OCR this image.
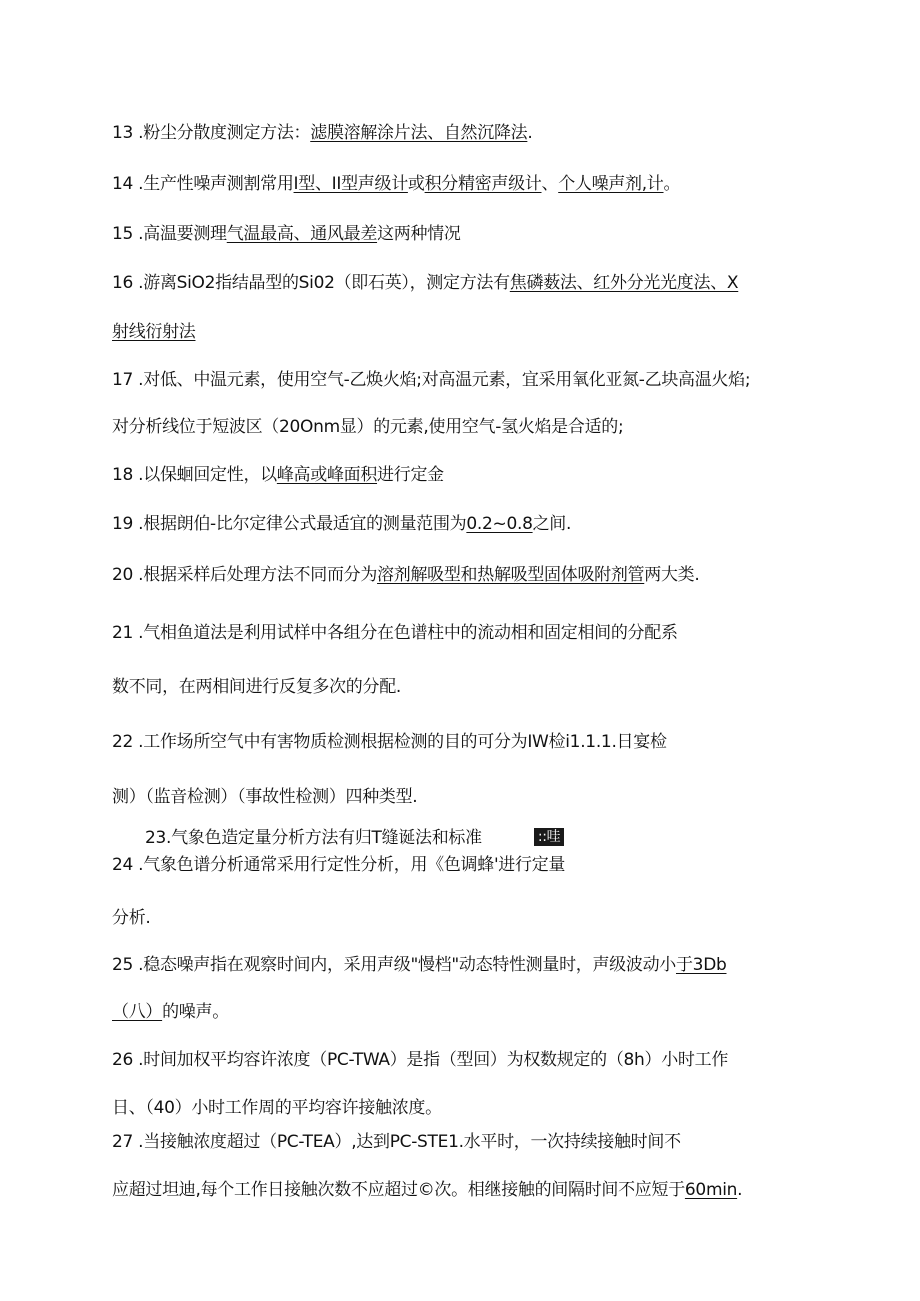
13 .粉尘分散度测定方法：滤膜溶解涂片法、自然沉降法.

14 .生产性噪声测割常用I型、II型声级计或积分精密声级计、个人噪声剂,计。

15 .高温要测理气温最高、通风最差这两种情况

16 .游离SiO2指结晶型的Si02（即石英），测定方法有焦磷薮法、红外分光光度法、X

射线衍射法

17 .对低、中温元素，使用空气-乙焕火焰;对高温元素，宜采用氧化亚氮-乙块高温火焰;

对分析线位于短波区（20Onm显）的元素,使用空气-氢火焰是合适的;

18 .以保蛔回定性，以峰高或峰面积进行定金

19 .根据朗伯-比尔定律公式最适宜的测量范围为0.2~0.8之间.

20 .根据采样后处理方法不同而分为溶剂解吸型和热解吸型固体吸附剂管两大类.

21 .气相鱼道法是利用试样中各组分在色谱柱中的流动相和固定相间的分配系

数不同，在两相间进行反复多次的分配.

22 .工作场所空气中有害物质检测根据检测的目的可分为IW检i1.1.1.日宴检

测）（监音检测）（事故性检测）四种类型.

23.气象色造定量分析方法有归T缝诞法和标准	::哇

24 .气象色谱分析通常采用行定性分析，用《色调蜂'进行定量

分析.

25 .稳态噪声指在观察时间内，采用声级"慢档"动态特性测量时，声级波动小于3Db

（八）的噪声。

26 .时间加权平均容许浓度（PC-TWA）是指（型回）为权数规定的（8h）小时工作

日、（40）小时工作周的平均容许接触浓度。

27 .当接触浓度超过（PC-TEA）,达到PC-STE1.水平时，一次持续接触时间不

应超过坦迪,每个工作日接触次数不应超过©次。相继接触的间隔时间不应短于60min.
